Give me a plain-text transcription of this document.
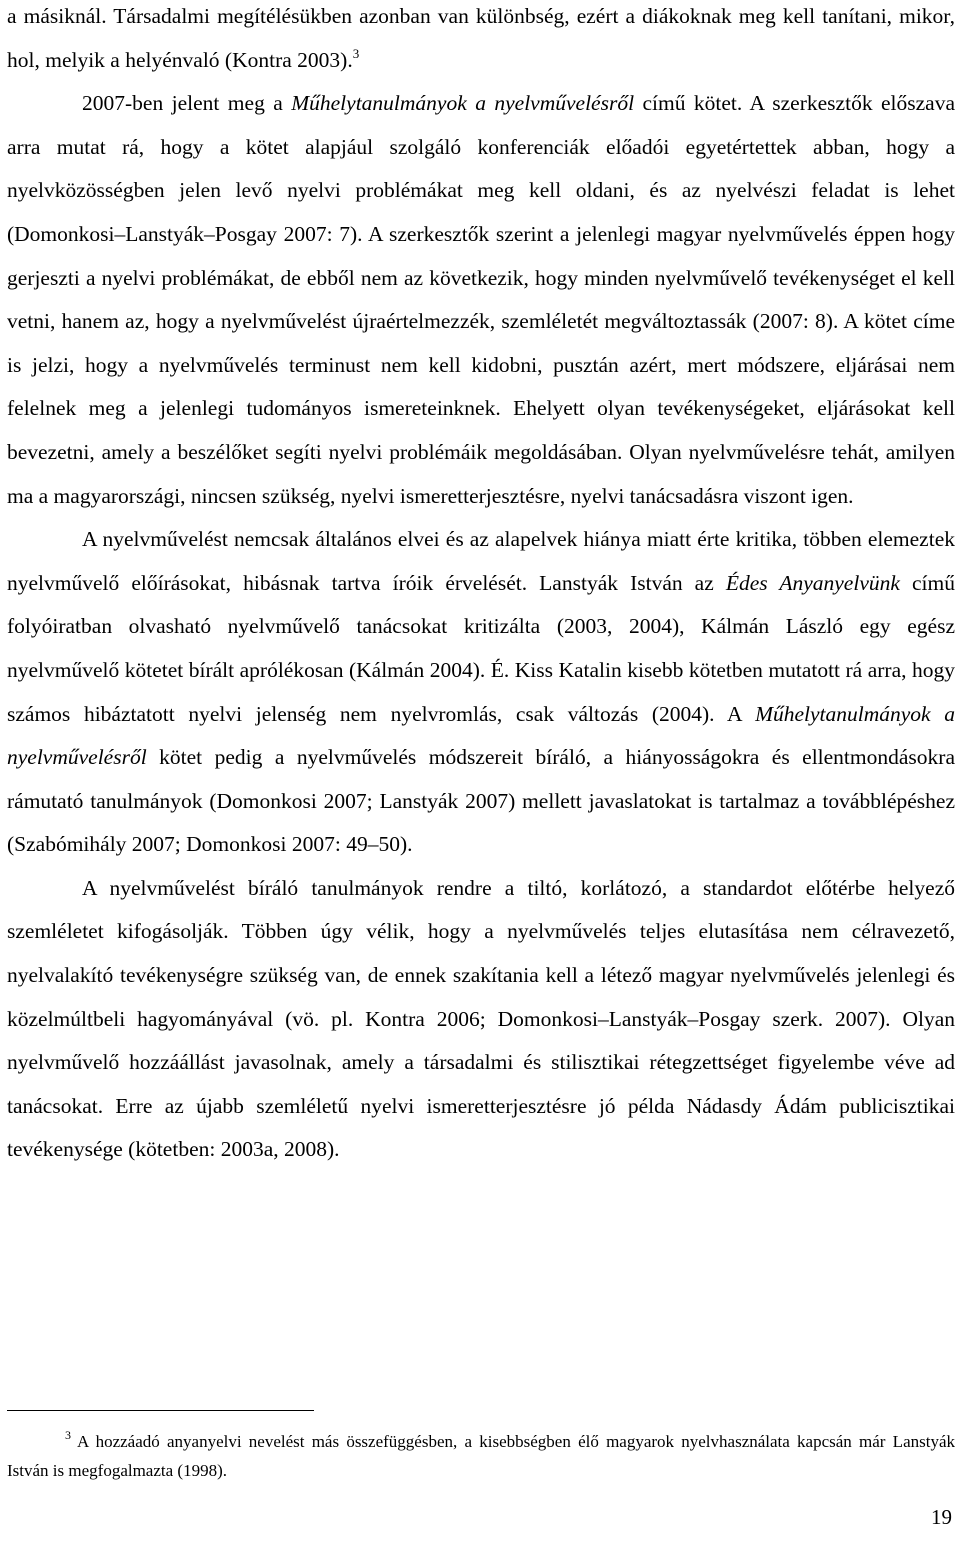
a másiknál. Társadalmi megítélésükben azonban van különbség, ezért a diákoknak meg kell tanítani, mikor, hol, melyik a helyénvaló (Kontra 2003).$^3$

2007-ben jelent meg a Műhelytanulmányok a nyelvművelésről című kötet. A szerkesztők előszava arra mutat rá, hogy a kötet alapjául szolgáló konferenciák előadói egyetértettek abban, hogy a nyelvközösségben jelen levő nyelvi problémákat meg kell oldani, és az nyelvészi feladat is lehet (Domonkosi–Lanstyák–Posgay 2007: 7). A szerkesztők szerint a jelenlegi magyar nyelvművelés éppen hogy gerjeszti a nyelvi problémákat, de ebből nem az következik, hogy minden nyelvművelő tevékenységet el kell vetni, hanem az, hogy a nyelvművelést újraértelmezzék, szemléletét megváltoztassák (2007: 8). A kötet címe is jelzi, hogy a nyelvművelés terminust nem kell kidobni, pusztán azért, mert módszere, eljárásai nem felelnek meg a jelenlegi tudományos ismereteinknek. Ehelyett olyan tevékenységeket, eljárásokat kell bevezetni, amely a beszélőket segíti nyelvi problémáik megoldásában. Olyan nyelvművelésre tehát, amilyen ma a magyarországi, nincsen szükség, nyelvi ismeretterjesztésre, nyelvi tanácsadásra viszont igen.

A nyelvművelést nemcsak általános elvei és az alapelvek hiánya miatt érte kritika, többen elemeztek nyelvművelő előírásokat, hibásnak tartva íróik érvelését. Lanstyák István az Édes Anyanyelvünk című folyóiratban olvasható nyelvművelő tanácsokat kritizálta (2003, 2004), Kálmán László egy egész nyelvművelő kötetet bírált aprólékosan (Kálmán 2004). É. Kiss Katalin kisebb kötetben mutatott rá arra, hogy számos hibáztatott nyelvi jelenség nem nyelvromlás, csak változás (2004). A Műhelytanulmányok a nyelvművelésről kötet pedig a nyelvművelés módszereit bíráló, a hiányosságokra és ellentmondásokra rámutató tanulmányok (Domonkosi 2007; Lanstyák 2007) mellett javaslatokat is tartalmaz a továbblépéshez (Szabómihály 2007; Domonkosi 2007: 49–50).

A nyelvművelést bíráló tanulmányok rendre a tiltó, korlátozó, a standardot előtérbe helyező szemléletet kifogásolják. Többen úgy vélik, hogy a nyelvművelés teljes elutasítása nem célravezető, nyelvalakító tevékenységre szükség van, de ennek szakítania kell a létező magyar nyelvművelés jelenlegi és közelmúltbeli hagyományával (vö. pl. Kontra 2006; Domonkosi–Lanstyák–Posgay szerk. 2007). Olyan nyelvművelő hozzáállást javasolnak, amely a társadalmi és stilisztikai rétegzettséget figyelembe véve ad tanácsokat. Erre az újabb szemléletű nyelvi ismeretterjesztésre jó példa Nádasdy Ádám publicisztikai tevékenysége (kötetben: 2003a, 2008).

$^3$ A hozzáadó anyanyelvi nevelést más összefüggésben, a kisebbségben élő magyarok nyelvhasználata kapcsán már Lanstyák István is megfogalmazta (1998).
19
